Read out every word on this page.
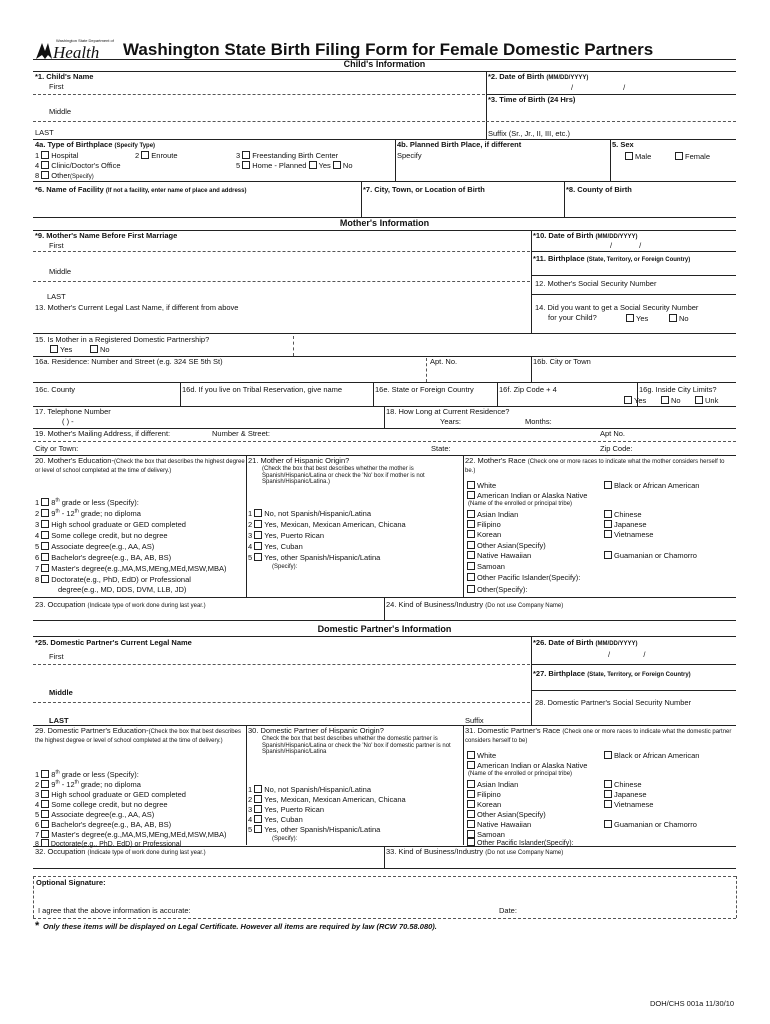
Washington State Department of
Health Washington State Birth Filing Form for Female Domestic Partners
Child's Information
*1. Child's Name
First
Middle
LAST
*2. Date of Birth (MM/DD/YYYY)
/                        /
*3. Time of Birth (24 Hrs)
Suffix (Sr., Jr., II, III, etc.)
4a. Type of Birthplace (Specify Type)
1 Hospital	2 Enroute	3 Freestanding Birth Center
4 Clinic/Doctor's Office	5 Home - Planned Yes No
8 Other(Specify)
4b. Planned Birth Place, if different
Specify
5. Sex
Male	Female
*6. Name of Facility (If not a facility, enter name of place and address)	*7. City, Town, or Location of Birth	*8. County of Birth
Mother's Information
*9. Mother's Name Before First Marriage
First
Middle
LAST
13. Mother's Current Legal Last Name, if different from above
*10. Date of Birth (MM/DD/YYYY)
/             /
*11. Birthplace (State, Territory, or Foreign Country)
12. Mother's Social Security Number
14. Did you want to get a Social Security Number
for your Child?	Yes	No
15. Is Mother in a Registered Domestic Partnership?
Yes	No
16a. Residence: Number and Street (e.g. 324 SE 5th St)	Apt. No.	16b. City or Town
16c. County	16d. If you live on Tribal Reservation, give name	16e. State or Foreign Country	16f. Zip Code + 4	16g. Inside City Limits?
Yes	No	Unk
17. Telephone Number
( ) -
18. How Long at Current Residence?
Years:	Months:
19. Mother's Mailing Address, if different:	Number & Street:	Apt No.
City or Town:	State:	Zip Code:
20. Mother's Education-(Check the box that describes the highest degree or level of school completed at the time of delivery.)
1 8th grade or less (Specify):
2 9th - 12th grade; no diploma
3 High school graduate or GED completed
4 Some college credit, but no degree
5 Associate degree(e.g., AA, AS)
6 Bachelor's degree(e.g., BA, AB, BS)
7 Master's degree(e.g.,MA,MS,MEng,MEd,MSW,MBA)
8 Doctorate(e.g., PhD, EdD) or Professional
degree(e.g., MD, DDS, DVM, LLB, JD)
21. Mother of Hispanic Origin?
(Check the box that best describes whether the mother is Spanish/Hispanic/Latina or check the 'No' box if mother is not Spanish/Hispanic/Latina.)
1 No, not Spanish/Hispanic/Latina
2 Yes, Mexican, Mexican American, Chicana
3 Yes, Puerto Rican
4 Yes, Cuban
5 Yes, other Spanish/Hispanic/Latina
(Specify):
22. Mother's Race (Check one or more races to indicate what the mother considers herself to be.)
White	Black or African American
American Indian or Alaska Native
(Name of the enrolled or principal tribe)
Asian Indian	Chinese
Filipino	Japanese
Korean	Vietnamese
Other Asian(Specify)
Native Hawaiian	Guamanian or Chamorro
Samoan
Other Pacific Islander(Specify):
Other(Specify):
23. Occupation (Indicate type of work done during last year.)	24. Kind of Business/Industry (Do not use Company Name)
Domestic Partner's Information
*25. Domestic Partner's Current Legal Name
First
Middle
LAST	Suffix
*26. Date of Birth (MM/DD/YYYY)
/                /
*27. Birthplace (State, Territory, or Foreign Country)
28. Domestic Partner's Social Security Number
29. Domestic Partner's Education-(Check the box that best describes the highest degree or level of school completed at the time of delivery.)
1 8th grade or less (Specify):
2 9th - 12th grade; no diploma
3 High school graduate or GED completed
4 Some college credit, but no degree
5 Associate degree(e.g., AA, AS)
6 Bachelor's degree(e.g., BA, AB, BS)
7 Master's degree(e.g.,MA,MS,MEng,MEd,MSW,MBA)
8 Doctorate(e.g., PhD, EdD) or Professional
30. Domestic Partner of Hispanic Origin?
Check the box that best describes whether the domestic partner is Spanish/Hispanic/Latina or check the 'No' box if domestic partner is not Spanish/Hispanic/Latina
1 No, not Spanish/Hispanic/Latina
2 Yes, Mexican, Mexican American, Chicana
3 Yes, Puerto Rican
4 Yes, Cuban
5 Yes, other Spanish/Hispanic/Latina
(Specify):
31. Domestic Partner's Race (Check one or more races to indicate what the domestic partner considers herself to be)
White	Black or African American
American Indian or Alaska Native
(Name of the enrolled or principal tribe)
Asian Indian	Chinese
Filipino	Japanese
Korean	Vietnamese
Other Asian(Specify)
Native Hawaiian	Guamanian or Chamorro
Samoan
Other Pacific Islander(Specify):
32. Occupation (Indicate type of work done during last year.)	33. Kind of Business/Industry (Do not use Company Name)
Optional Signature:
I agree that the above information is accurate:	Date:
* Only these items will be displayed on Legal Certificate. However all items are required by law (RCW 70.58.080).
DOH/CHS 001a 11/30/10
